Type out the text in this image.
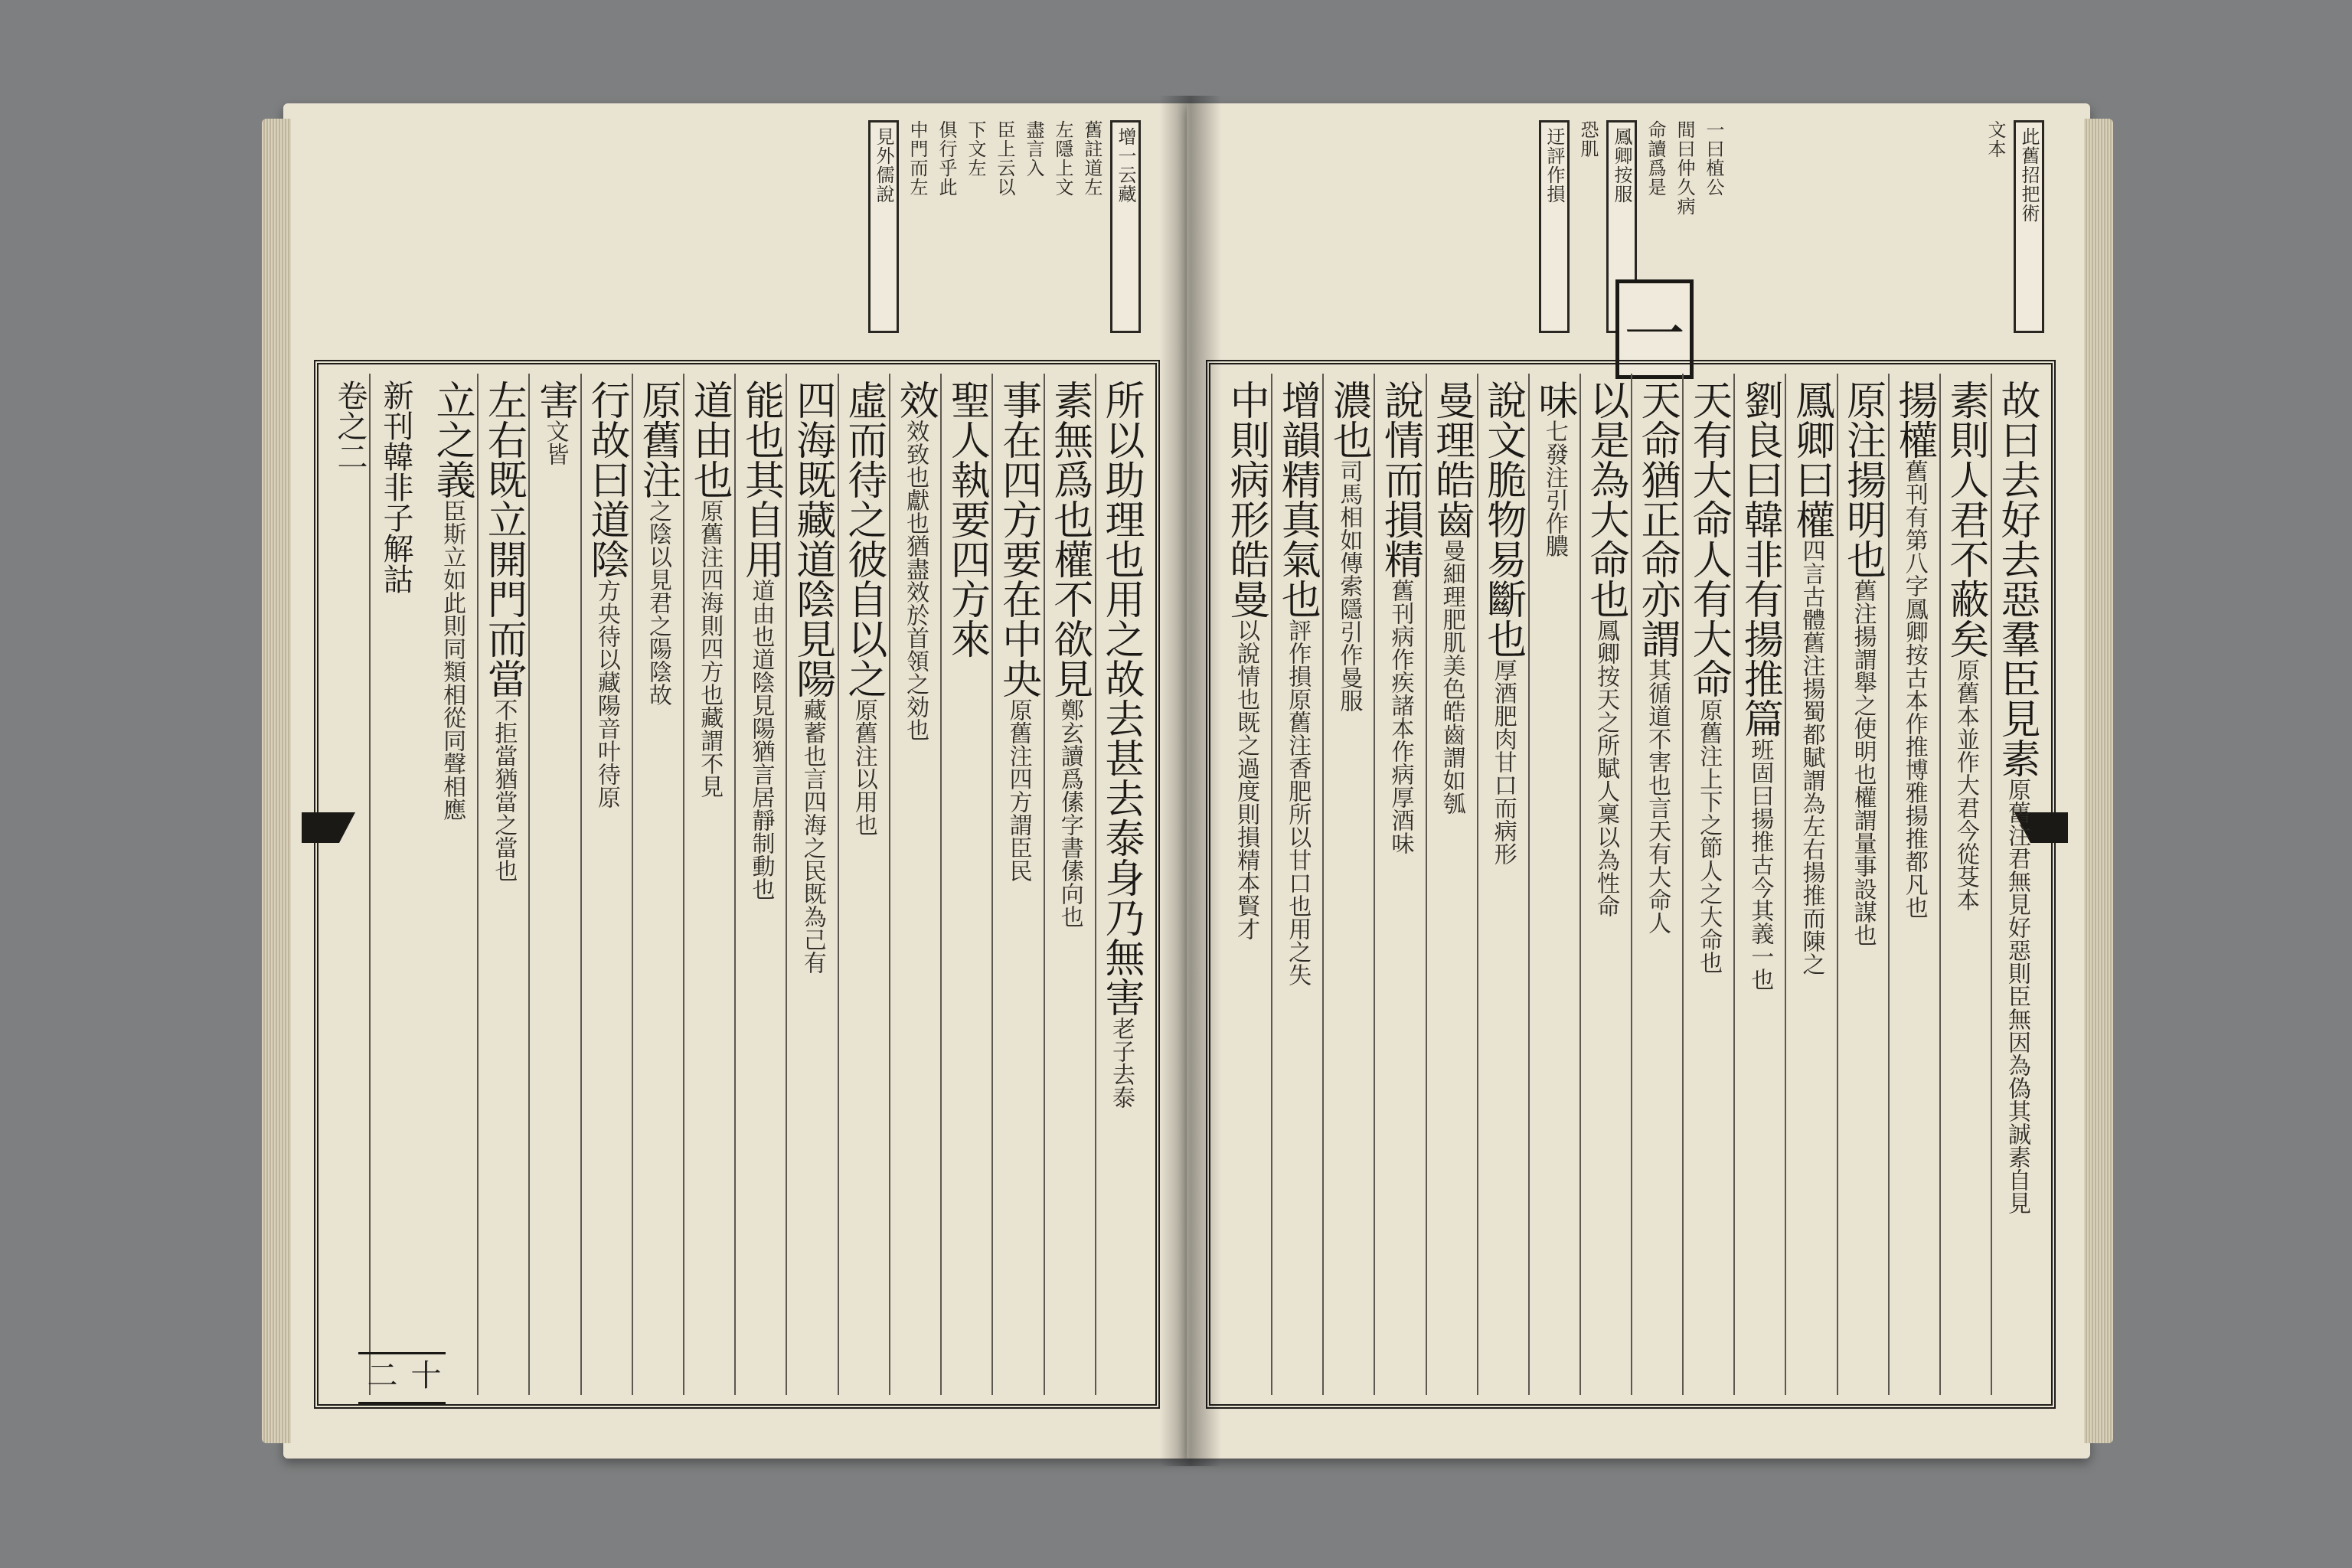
增一云藏
舊註道左
左隱上文
盡言入
臣上云以
下文左
俱行乎此
中門而左
見外儒說
所以助理也用之故去甚去泰身乃無害老子去泰
素無爲也權不欲見鄭玄讀爲傃字書傃向也
事在四方要在中央原舊注四方謂臣民
聖人執要四方來
效效致也獻也猶盡效於首領之効也
虛而待之彼自以之原舊注以用也
四海既藏道陰見陽藏蓄也言四海之民既為己有
能也其自用道由也道陰見陽猶言居靜制動也
道由也原舊注四海則四方也藏謂不見
原舊注之陰以見君之陽陰故
行故曰道陰方央待以藏陽音叶待原
害文皆
左右既立開門而當不拒當猶當之當也
立之義臣斯立如此則同類相從同聲相應
新刊韓非子解詁
卷之二
十二
此舊招把術
文本
一曰植公
間曰仲久病
命讀爲是
鳳卿按服
恐肌
迂評作損
一
故曰去好去惡羣臣見素原舊注君無見好惡則臣無因為偽其誠素自見
素則人君不蔽矣原舊本並作大君今從芟本
揚權舊刊有第八字鳳卿按古本作推博雅揚推都凡也
原注揚明也舊注揚謂舉之使明也權謂量事設謀也
鳳卿曰權四言古體舊注揚蜀都賦謂為左右揚推而陳之
劉良曰韓非有揚推篇班固曰揚推古今其義一也
天有大命人有大命原舊注上下之節人之大命也
天命猶正命亦謂其循道不害也言天有大命人
以是為大命也鳳卿按天之所賦人稟以為性命
味七發注引作膿
說文脆物易斷也厚酒肥肉甘口而病形
曼理皓齒曼細理肥肌美色皓齒謂如瓠
說情而損精舊刊病作疾諸本作病厚酒味
濃也司馬相如傳索隱引作曼服
增韻精真氣也評作損原舊注香肥所以甘口也用之失
中則病形皓曼以說情也既之過度則損精本賢才
